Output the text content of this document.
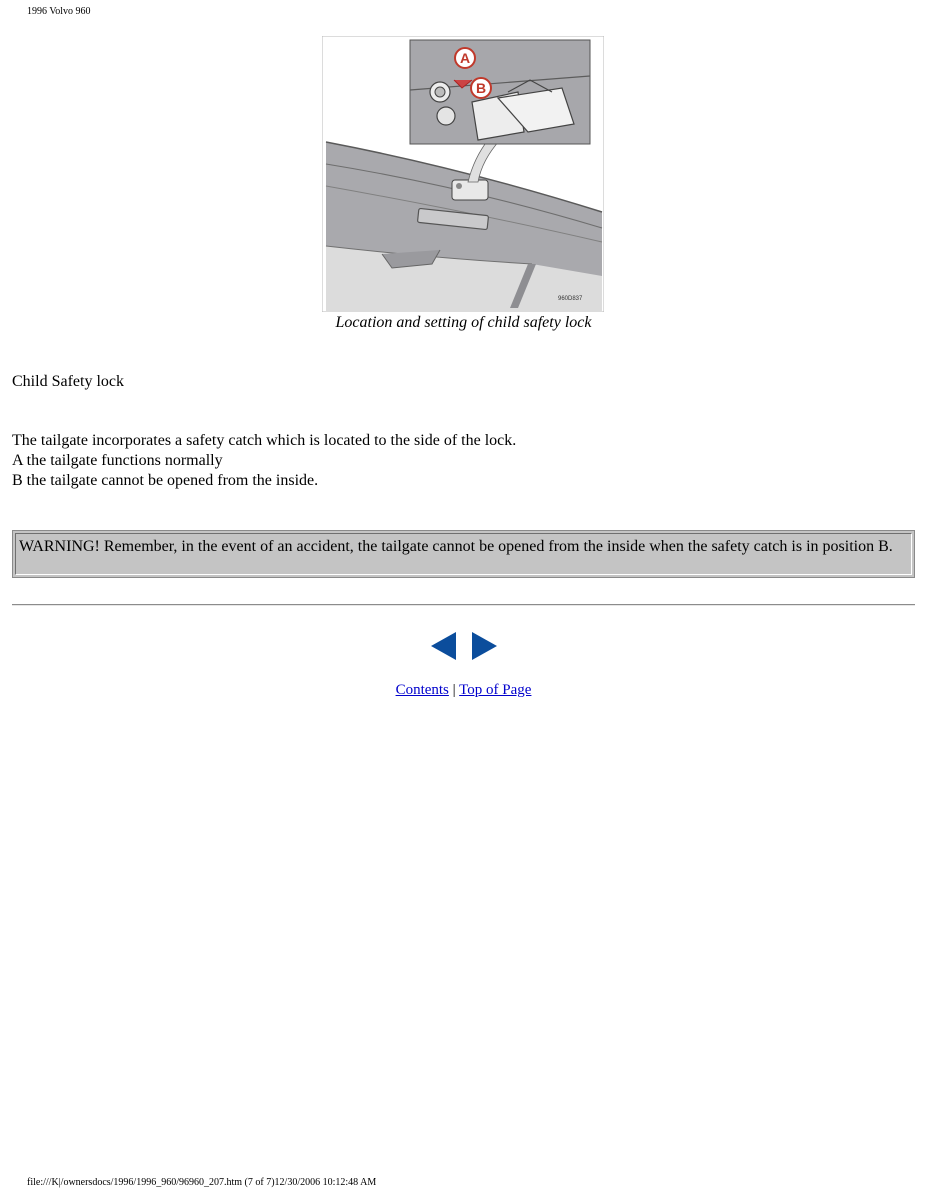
1996 Volvo 960
A
B
960D837
Location and setting of child safety lock
Child Safety lock
The tailgate incorporates a safety catch which is located to the side of the lock.
A the tailgate functions normally
B the tailgate cannot be opened from the inside.
WARNING! Remember, in the event of an accident, the tailgate cannot be opened from the inside when the safety catch is in position B.
Contents | Top of Page
file:///K|/ownersdocs/1996/1996_960/96960_207.htm (7 of 7)12/30/2006 10:12:48 AM
